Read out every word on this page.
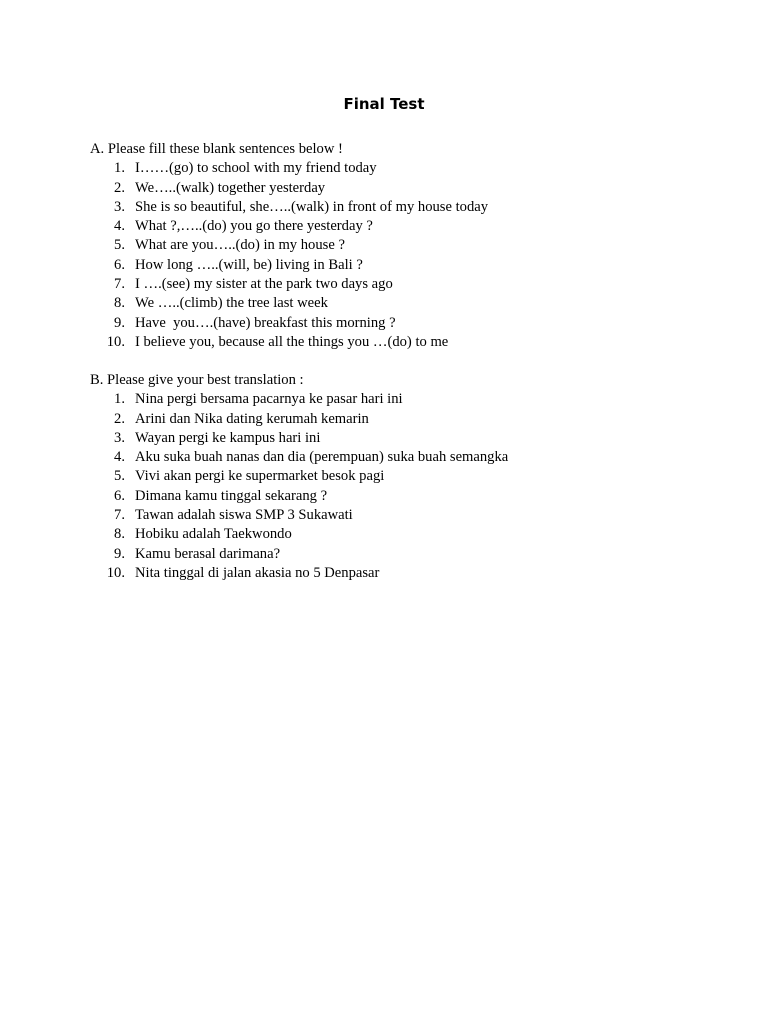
Final Test
A. Please fill these blank sentences below !
1. I……(go) to school with my friend today
2. We…..(walk) together yesterday
3. She is so beautiful, she…..(walk) in front of my house today
4. What ?,…..(do) you go there yesterday ?
5. What are you…..(do) in my house ?
6. How long …..(will, be) living in Bali ?
7. I ….(see) my sister at the park two days ago
8. We …..(climb) the tree last week
9. Have  you….(have) breakfast this morning ?
10. I believe you, because all the things you …(do) to me
B. Please give your best translation :
1. Nina pergi bersama pacarnya ke pasar hari ini
2. Arini dan Nika dating kerumah kemarin
3. Wayan pergi ke kampus hari ini
4. Aku suka buah nanas dan dia (perempuan) suka buah semangka
5. Vivi akan pergi ke supermarket besok pagi
6. Dimana kamu tinggal sekarang ?
7. Tawan adalah siswa SMP 3 Sukawati
8. Hobiku adalah Taekwondo
9. Kamu berasal darimana?
10. Nita tinggal di jalan akasia no 5 Denpasar
